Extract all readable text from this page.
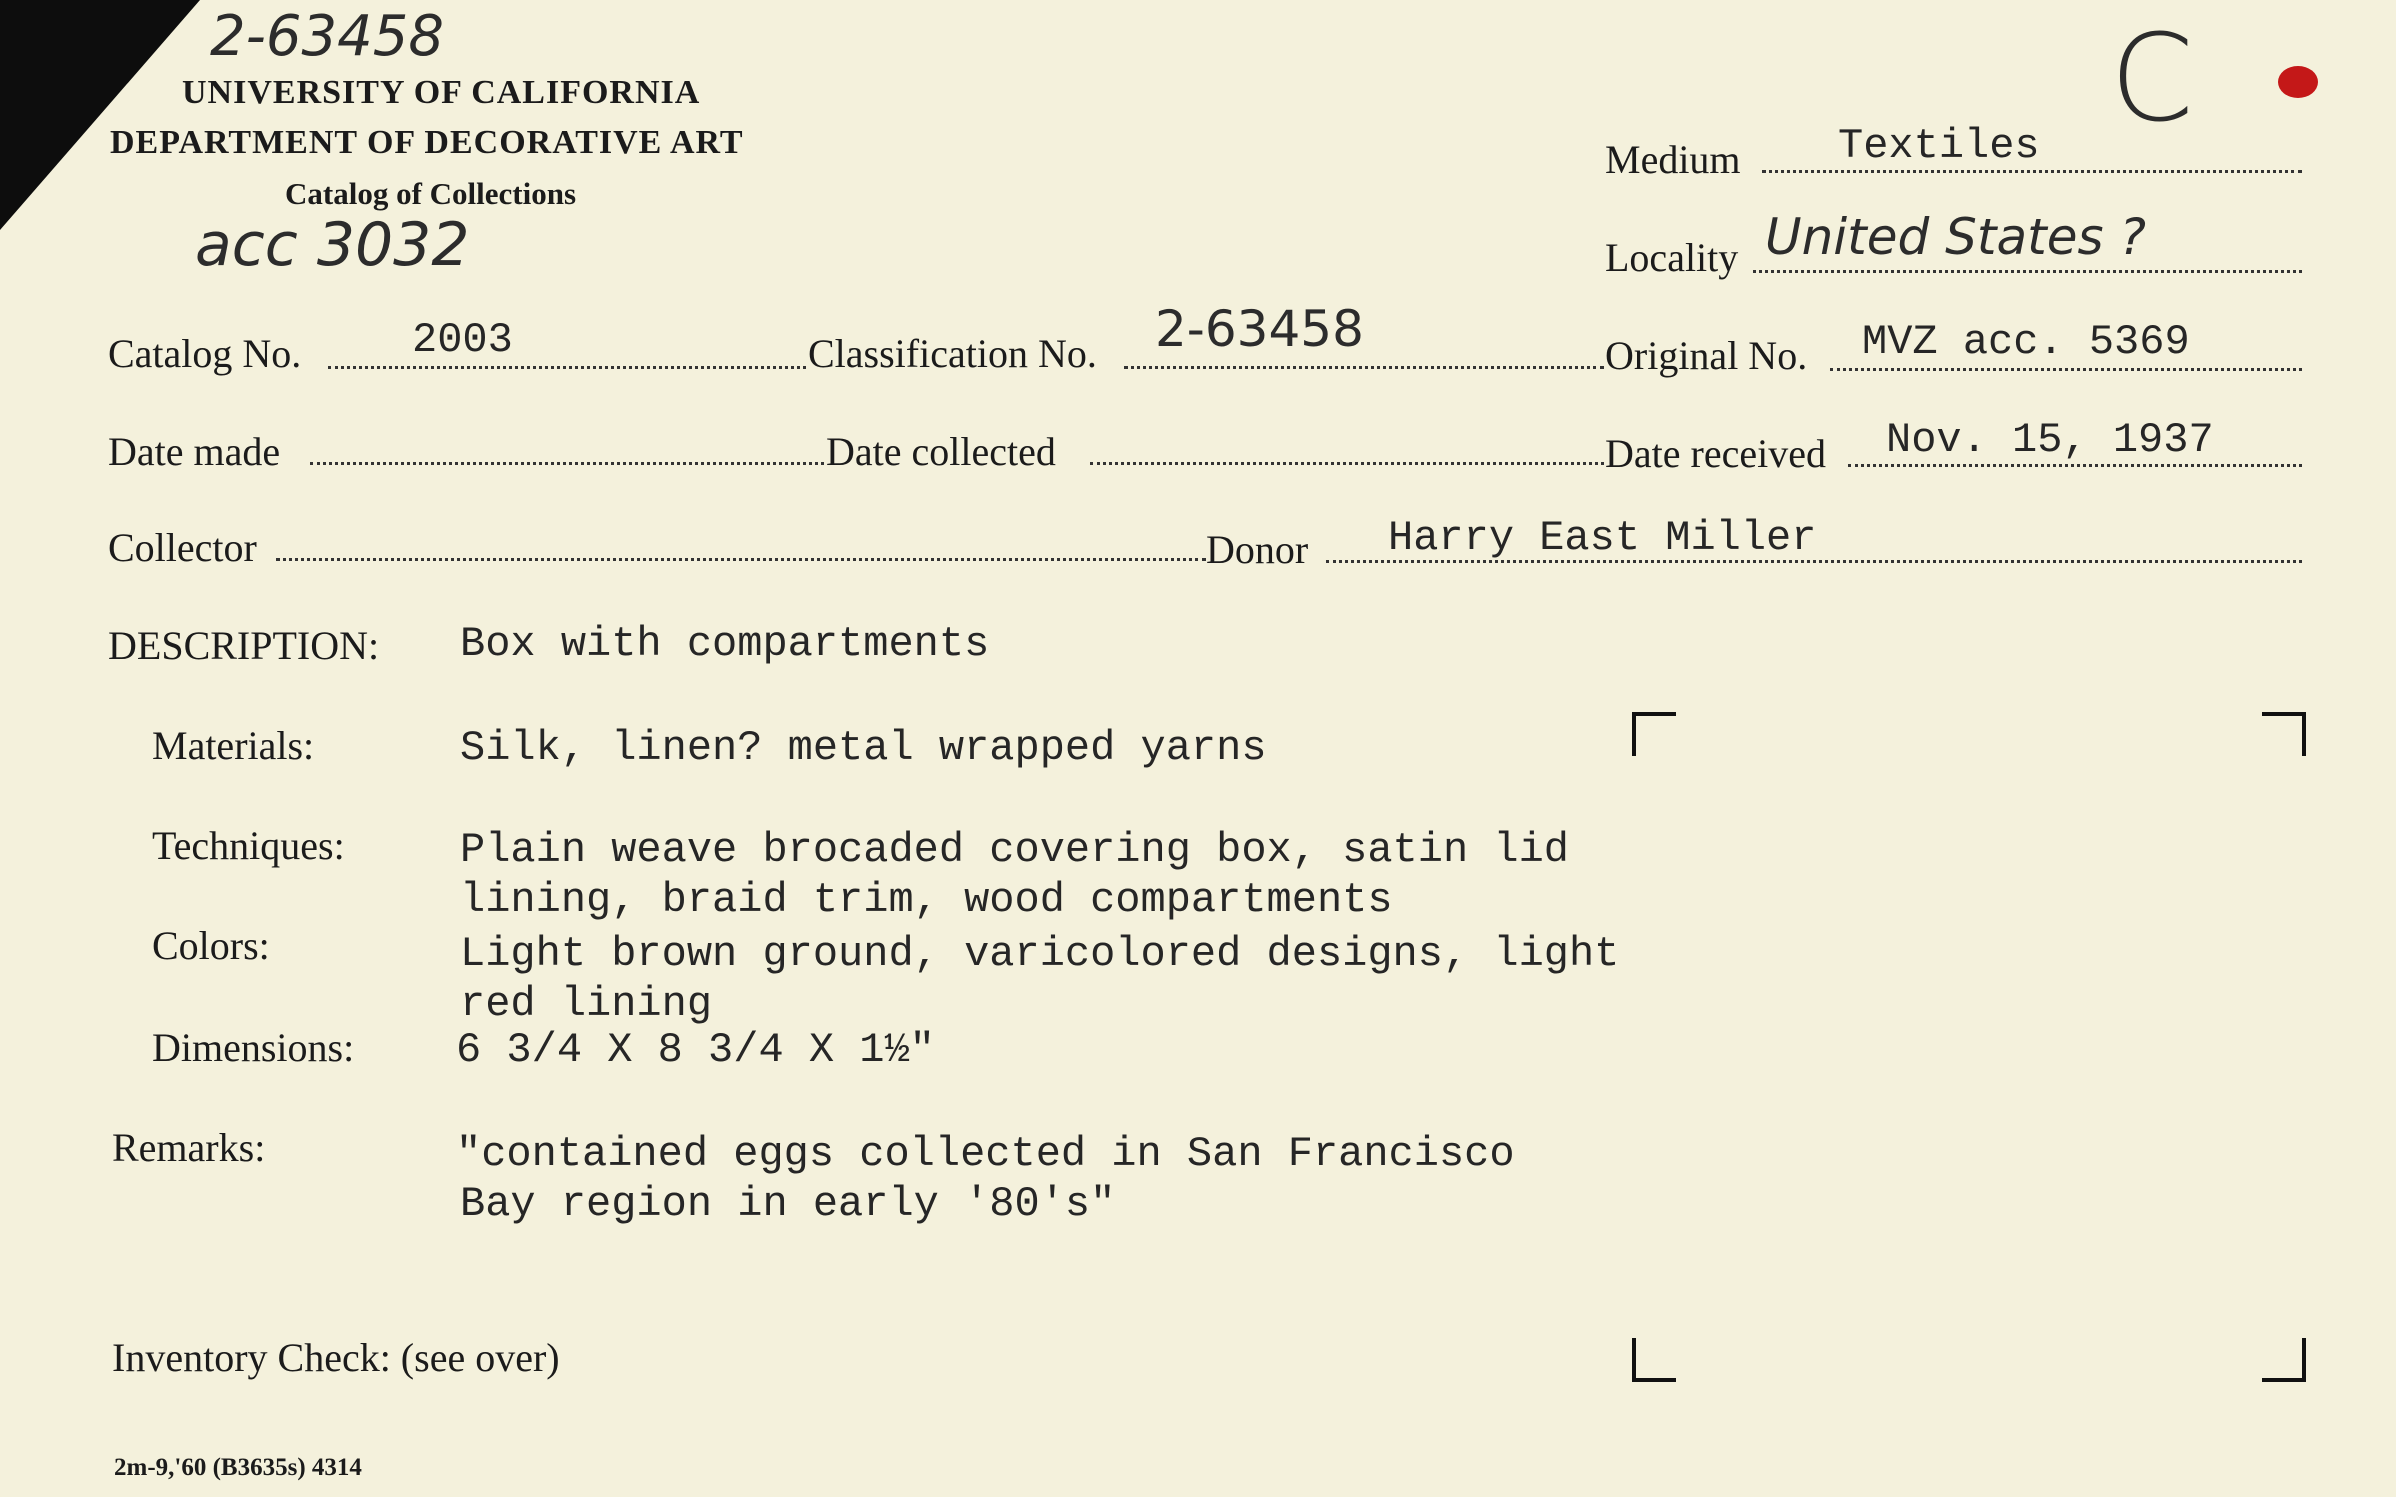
2-63458
UNIVERSITY OF CALIFORNIA
DEPARTMENT OF DECORATIVE ART
Catalog of Collections
acc 3032
C
Medium Textiles
Locality United States ?
Catalog No.	2003	Classification No. 2-63458	Original No. MVZ acc. 5369
Date made	Date collected	Date received Nov. 15, 1937
Collector	Donor Harry East Miller
DESCRIPTION: Box with compartments
Materials:	Silk, linen? metal wrapped yarns
Techniques:	Plain weave brocaded covering box, satin lid
lining, braid trim, wood compartments
Colors:	Light brown ground, varicolored designs, light
red lining
Dimensions: 6 3/4 X 8 3/4 X 1½"
Remarks:	"contained eggs collected in San Francisco
Bay region in early '80's"
Inventory Check: (see over)
2m-9,'60 (B3635s) 4314
